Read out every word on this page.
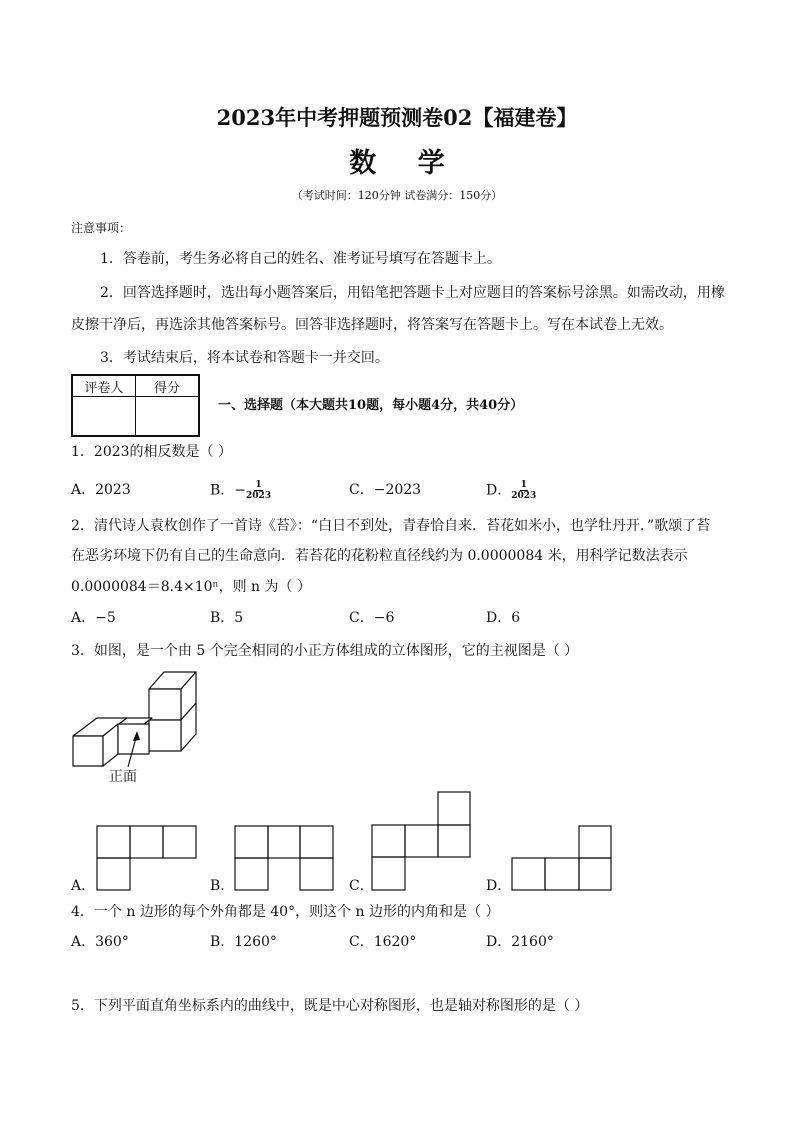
2023年中考押题预测卷02【福建卷】
数 学
（考试时间：120分钟 试卷满分：150分）
注意事项：
1．答卷前，考生务必将自己的姓名、准考证号填写在答题卡上。
2．回答选择题时，选出每小题答案后，用铅笔把答题卡上对应题目的答案标号涂黑。如需改动，用橡
皮擦干净后，再选涂其他答案标号。回答非选择题时，将答案写在答题卡上。写在本试卷上无效。
3．考试结束后，将本试卷和答题卡一并交回。
评卷人	得分

一、选择题（本大题共10题，每小题4分，共40分）
1．2023的相反数是（ ）
A．2023	B．− $\frac{1}{2023}$	C．−2023	D． $\frac{1}{2023}$
2．清代诗人袁枚创作了一首诗《苔》：“白日不到处，青春恰自来．苔花如米小，也学牡丹开．”歌颂了苔
在恶劣环境下仍有自己的生命意向．若苔花的花粉粒直径线约为 0.0000084 米，用科学记数法表示
0.0000084＝8.4×10ⁿ，则 n 为（ ）
A．−5	B．5	C．−6	D．6
3．如图，是一个由 5 个完全相同的小正方体组成的立体图形，它的主视图是（ ）
正面
A．	B．	C．	D．
4．一个 n 边形的每个外角都是 40°，则这个 n 边形的内角和是（ ）
A．360°	B．1260°	C．1620°	D．2160°
5．下列平面直角坐标系内的曲线中，既是中心对称图形，也是轴对称图形的是（ ）
